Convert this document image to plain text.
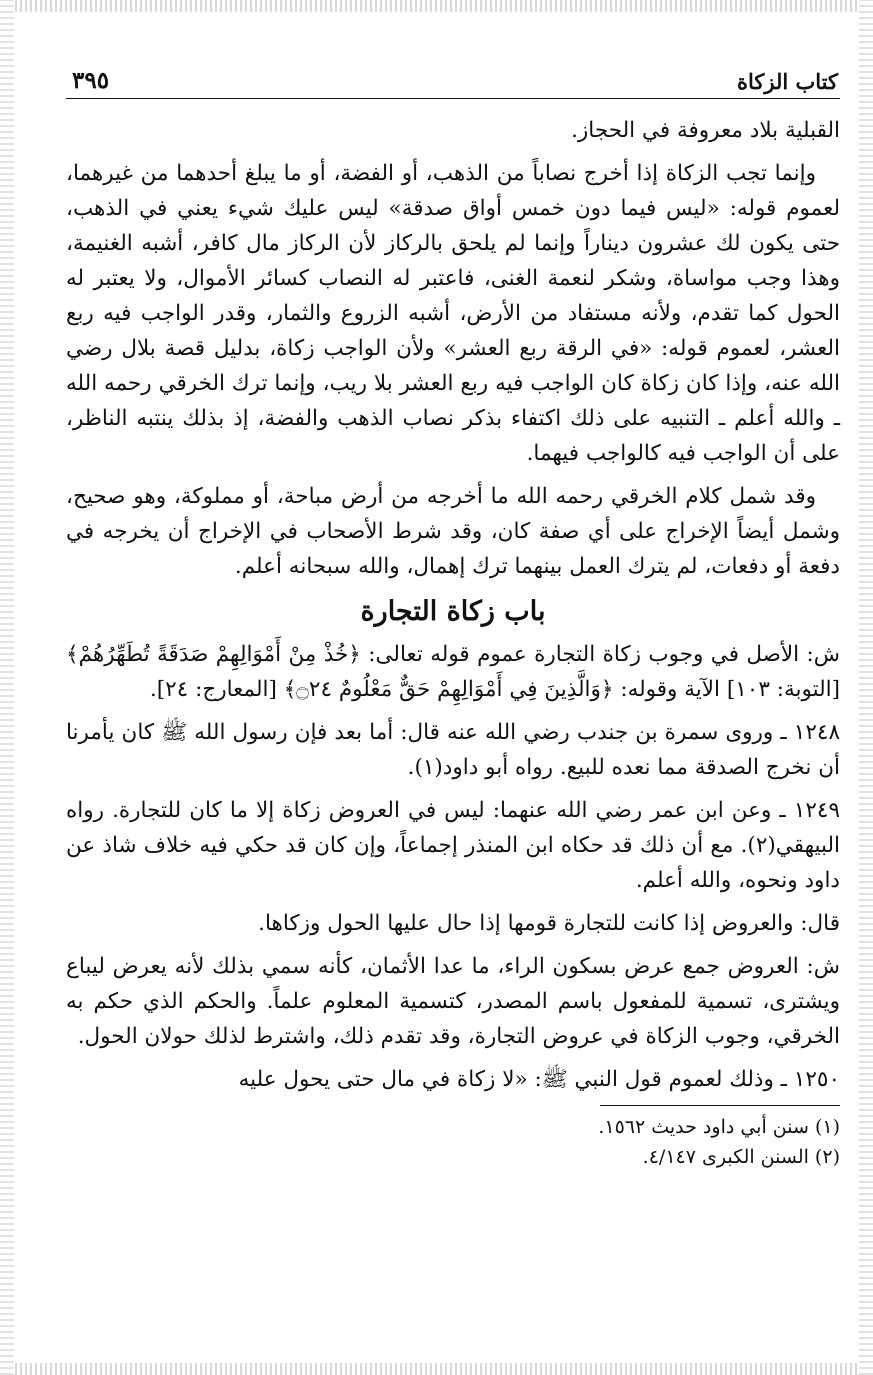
كتاب الزكاة
٣٩٥

القبلية بلاد معروفة في الحجاز.

وإنما تجب الزكاة إذا أخرج نصاباً من الذهب، أو الفضة، أو ما يبلغ أحدهما من غيرهما، لعموم قوله: «ليس فيما دون خمس أواق صدقة» ليس عليك شيء يعني في الذهب، حتى يكون لك عشرون ديناراً وإنما لم يلحق بالركاز لأن الركاز مال كافر، أشبه الغنيمة، وهذا وجب مواساة، وشكر لنعمة الغنى، فاعتبر له النصاب كسائر الأموال، ولا يعتبر له الحول كما تقدم، ولأنه مستفاد من الأرض، أشبه الزروع والثمار، وقدر الواجب فيه ربع العشر، لعموم قوله: «في الرقة ربع العشر» ولأن الواجب زكاة، بدليل قصة بلال رضي الله عنه، وإذا كان زكاة كان الواجب فيه ربع العشر بلا ريب، وإنما ترك الخرقي رحمه الله ـ والله أعلم ـ التنبيه على ذلك اكتفاء بذكر نصاب الذهب والفضة، إذ بذلك ينتبه الناظر، على أن الواجب فيه كالواجب فيهما.

وقد شمل كلام الخرقي رحمه الله ما أخرجه من أرض مباحة، أو مملوكة، وهو صحيح، وشمل أيضاً الإخراج على أي صفة كان، وقد شرط الأصحاب في الإخراج أن يخرجه في دفعة أو دفعات، لم يترك العمل بينهما ترك إهمال، والله سبحانه أعلم.

باب زكاة التجارة

ش: الأصل في وجوب زكاة التجارة عموم قوله تعالى: ﴿خُذْ مِنْ أَمْوَالِهِمْ صَدَقَةً تُطَهِّرُهُمْ﴾ [التوبة: ١٠٣] الآية وقوله: ﴿وَالَّذِينَ فِي أَمْوَالِهِمْ حَقٌّ مَعْلُومٌ ۝٢٤﴾ [المعارج: ٢٤].

١٢٤٨ ـ وروى سمرة بن جندب رضي الله عنه قال: أما بعد فإن رسول الله ﷺ كان يأمرنا أن نخرج الصدقة مما نعده للبيع. رواه أبو داود(١).

١٢٤٩ ـ وعن ابن عمر رضي الله عنهما: ليس في العروض زكاة إلا ما كان للتجارة. رواه البيهقي(٢). مع أن ذلك قد حكاه ابن المنذر إجماعاً، وإن كان قد حكي فيه خلاف شاذ عن داود ونحوه، والله أعلم.

قال: والعروض إذا كانت للتجارة قومها إذا حال عليها الحول وزكاها.

ش: العروض جمع عرض بسكون الراء، ما عدا الأثمان، كأنه سمي بذلك لأنه يعرض ليباع ويشترى، تسمية للمفعول باسم المصدر، كتسمية المعلوم علماً. والحكم الذي حكم به الخرقي، وجوب الزكاة في عروض التجارة، وقد تقدم ذلك، واشترط لذلك حولان الحول.

١٢٥٠ ـ وذلك لعموم قول النبي ﷺ: «لا زكاة في مال حتى يحول عليه

(١) سنن أبي داود حديث ١٥٦٢.
(٢) السنن الكبرى ٤/١٤٧.
